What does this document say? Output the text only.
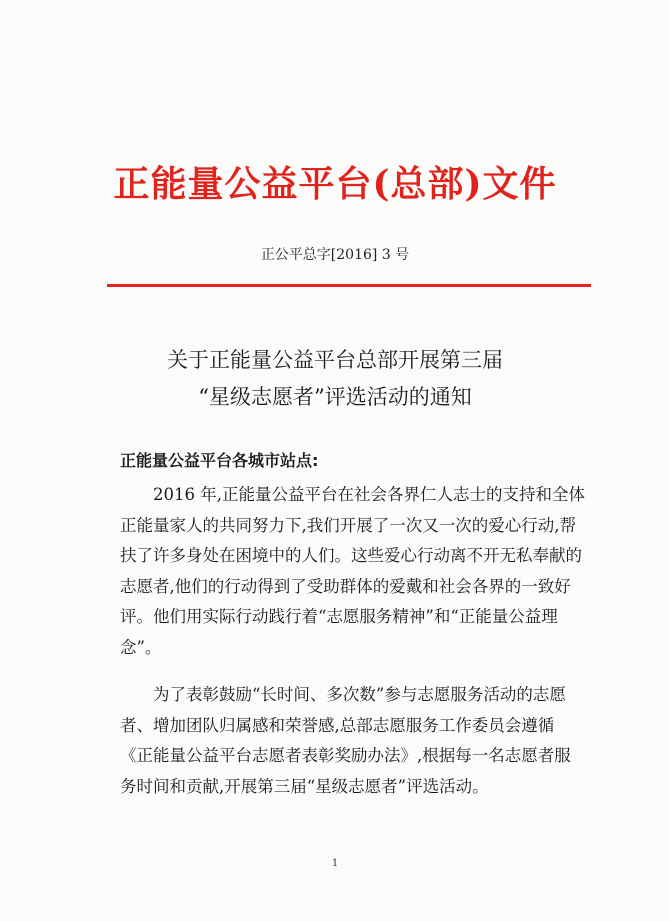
正能量公益平台(总部)文件
正公平总字[2016] 3 号
关于正能量公益平台总部开展第三届
“星级志愿者”评选活动的通知
正能量公益平台各城市站点:

2016 年,正能量公益平台在社会各界仁人志士的支持和全体正能量家人的共同努力下,我们开展了一次又一次的爱心行动,帮扶了许多身处在困境中的人们。这些爱心行动离不开无私奉献的志愿者,他们的行动得到了受助群体的爱戴和社会各界的一致好评。他们用实际行动践行着“志愿服务精神”和“正能量公益理念”。

为了表彰鼓励“长时间、多次数”参与志愿服务活动的志愿者、增加团队归属感和荣誉感,总部志愿服务工作委员会遵循《正能量公益平台志愿者表彰奖励办法》,根据每一名志愿者服务时间和贡献,开展第三届“星级志愿者”评选活动。

1
